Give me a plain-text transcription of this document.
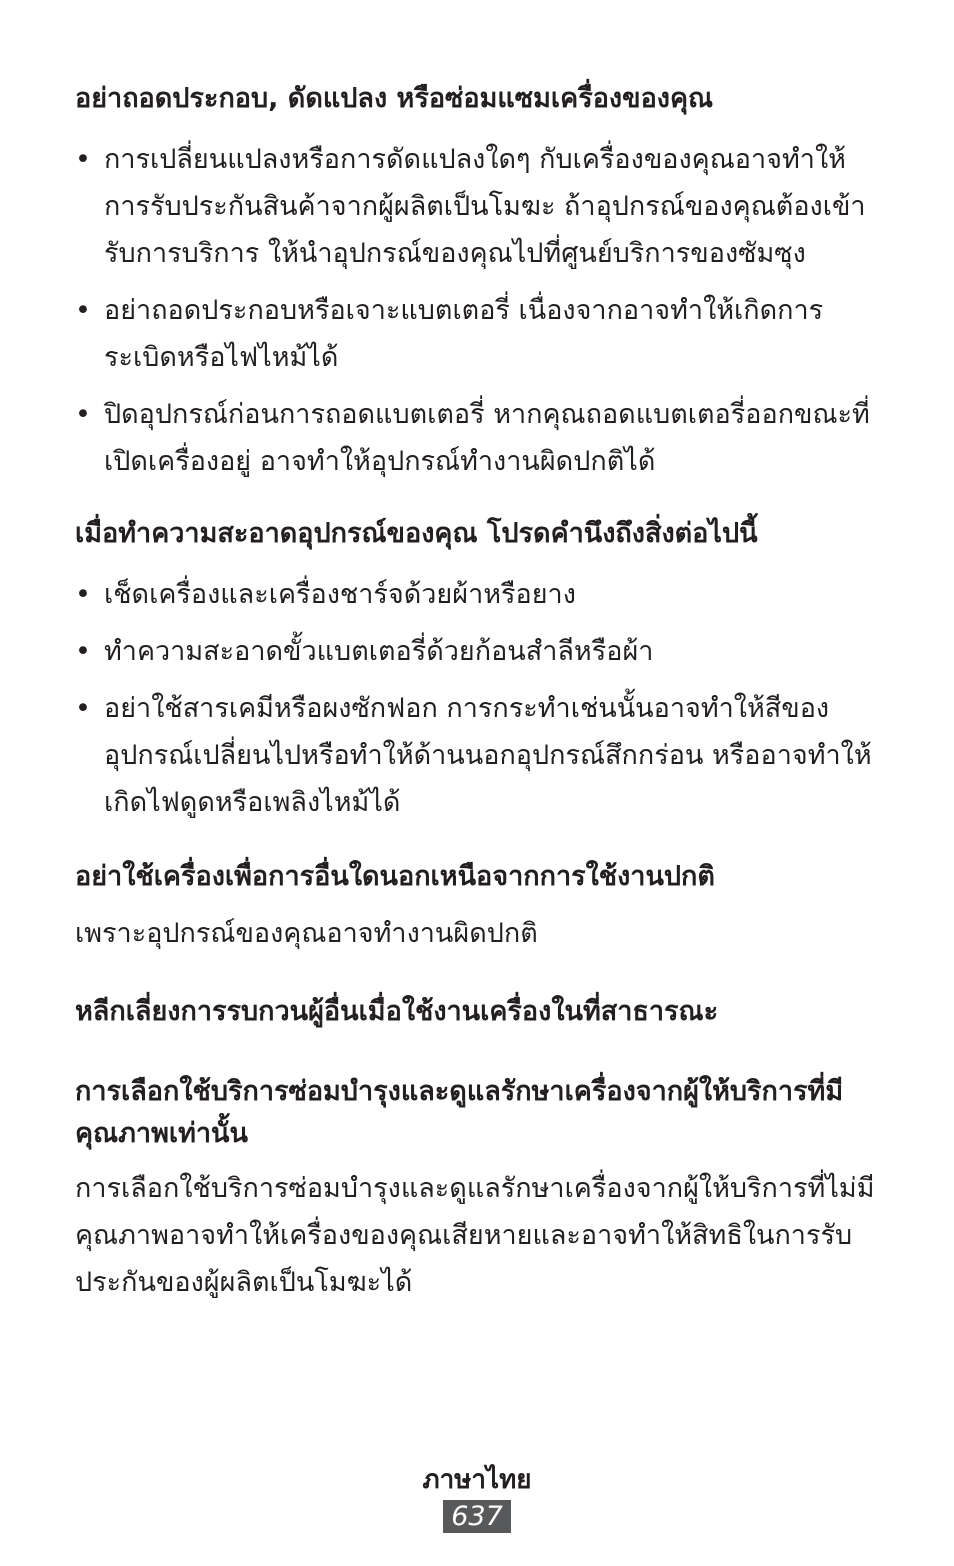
อย่าถอดประกอบ, ดัดแปลง หรือซ่อมแซมเครื่องของคุณ
• การเปลี่ยนแปลงหรือการดัดแปลงใดๆ กับเครื่องของคุณอาจทำให้การรับประกันสินค้าจากผู้ผลิตเป็นโมฆะ ถ้าอุปกรณ์ของคุณต้องเข้ารับการบริการ ให้นำอุปกรณ์ของคุณไปที่ศูนย์บริการของซัมซุง
• อย่าถอดประกอบหรือเจาะแบตเตอรี่ เนื่องจากอาจทำให้เกิดการระเบิดหรือไฟไหม้ได้
• ปิดอุปกรณ์ก่อนการถอดแบตเตอรี่ หากคุณถอดแบตเตอรี่ออกขณะที่เปิดเครื่องอยู่ อาจทำให้อุปกรณ์ทำงานผิดปกติได้
เมื่อทำความสะอาดอุปกรณ์ของคุณ โปรดคำนึงถึงสิ่งต่อไปนี้
• เช็ดเครื่องและเครื่องชาร์จด้วยผ้าหรือยาง
• ทำความสะอาดขั้วแบตเตอรี่ด้วยก้อนสำลีหรือผ้า
• อย่าใช้สารเคมีหรือผงซักฟอก การกระทำเช่นนั้นอาจทำให้สีของอุปกรณ์เปลี่ยนไปหรือทำให้ด้านนอกอุปกรณ์สึกกร่อน หรืออาจทำให้เกิดไฟดูดหรือเพลิงไหม้ได้
อย่าใช้เครื่องเพื่อการอื่นใดนอกเหนือจากการใช้งานปกติ

เพราะอุปกรณ์ของคุณอาจทำงานผิดปกติ

หลีกเลี่ยงการรบกวนผู้อื่นเมื่อใช้งานเครื่องในที่สาธารณะ
การเลือกใช้บริการซ่อมบำรุงและดูแลรักษาเครื่องจากผู้ให้บริการที่มีคุณภาพเท่านั้น

การเลือกใช้บริการซ่อมบำรุงและดูแลรักษาเครื่องจากผู้ให้บริการที่ไม่มีคุณภาพอาจทำให้เครื่องของคุณเสียหายและอาจทำให้สิทธิในการรับประกันของผู้ผลิตเป็นโมฆะได้

ภาษาไทย
637
